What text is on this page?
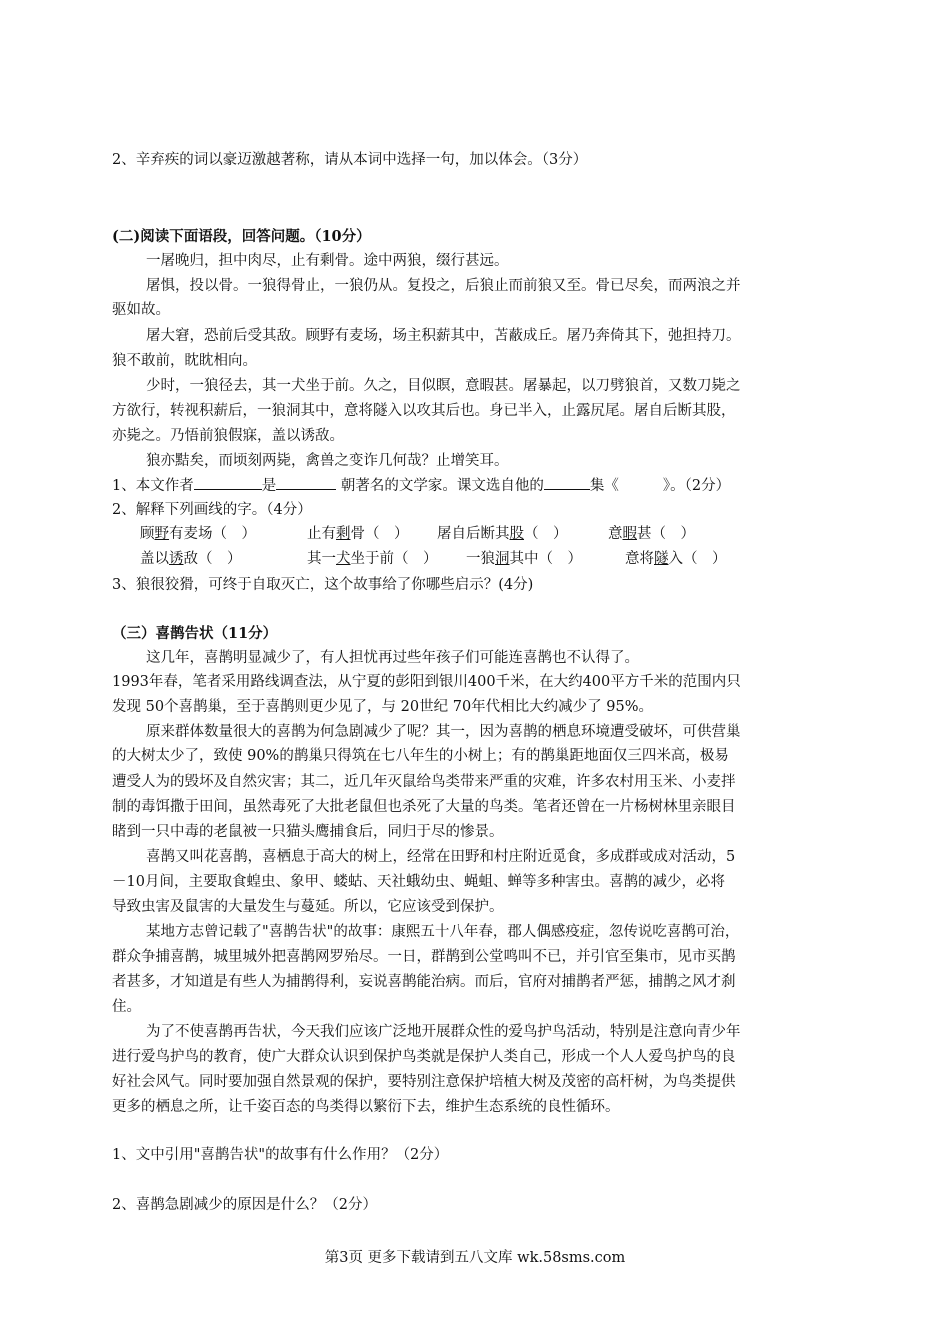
2、辛弃疾的词以豪迈激越著称，请从本词中选择一句，加以体会。（3分）
(二)阅读下面语段，回答问题。（10分）
一屠晚归，担中肉尽，止有剩骨。途中两狼，缀行甚远。
屠惧，投以骨。一狼得骨止，一狼仍从。复投之，后狼止而前狼又至。骨已尽矣，而两浪之并
驱如故。
屠大窘，恐前后受其敌。顾野有麦场，场主积薪其中，苫蔽成丘。屠乃奔倚其下，弛担持刀。
狼不敢前，眈眈相向。
少时，一狼径去，其一犬坐于前。久之，目似瞑，意暇甚。屠暴起，以刀劈狼首，又数刀毙之
方欲行，转视积薪后，一狼洞其中，意将隧入以攻其后也。身已半入，止露尻尾。屠自后断其股，
亦毙之。乃悟前狼假寐，盖以诱敌。
狼亦黠矣，而顷刻两毙，禽兽之变诈几何哉？止增笑耳。
1、本文作者	是	朝著名的文学家。课文选自他的	集《	》。（2分）
2、解释下列画线的字。（4分）
顾野有麦场（　）	止有剩骨（　） 屠自后断其股（　）	意暇甚（　）
盖以诱敌（　）	其一犬坐于前（　） 一狼洞其中（　）	意将隧入（　）
3、狼很狡猾，可终于自取灭亡，这个故事给了你哪些启示？(4分)
（三）喜鹊告状（11分）
这几年，喜鹊明显减少了，有人担忧再过些年孩子们可能连喜鹊也不认得了。
1993年春，笔者采用路线调查法，从宁夏的彭阳到银川400千米，在大约400平方千米的范围内只
发现 50个喜鹊巢，至于喜鹊则更少见了，与 20世纪 70年代相比大约减少了 95%。
原来群体数量很大的喜鹊为何急剧减少了呢？其一，因为喜鹊的栖息环境遭受破坏，可供营巢
的大树太少了，致使 90%的鹊巢只得筑在七八年生的小树上；有的鹊巢距地面仅三四米高，极易
遭受人为的毁坏及自然灾害；其二，近几年灭鼠给鸟类带来严重的灾难，许多农村用玉米、小麦拌
制的毒饵撒于田间，虽然毒死了大批老鼠但也杀死了大量的鸟类。笔者还曾在一片杨树林里亲眼目
睹到一只中毒的老鼠被一只猫头鹰捕食后，同归于尽的惨景。
喜鹊又叫花喜鹊，喜栖息于高大的树上，经常在田野和村庄附近觅食，多成群或成对活动，5
－10月间，主要取食蝗虫、象甲、蝼蛄、天社蛾幼虫、蝇蛆、蝉等多种害虫。喜鹊的减少，必将
导致虫害及鼠害的大量发生与蔓延。所以，它应该受到保护。
某地方志曾记载了"喜鹊告状"的故事：康熙五十八年春，郡人偶感疫症，忽传说吃喜鹊可治，
群众争捕喜鹊，城里城外把喜鹊网罗殆尽。一日，群鹊到公堂鸣叫不已，并引官至集市，见市买鹊
者甚多，才知道是有些人为捕鹊得利，妄说喜鹊能治病。而后，官府对捕鹊者严惩，捕鹊之风才刹
住。
为了不使喜鹊再告状，今天我们应该广泛地开展群众性的爱鸟护鸟活动，特别是注意向青少年
进行爱鸟护鸟的教育，使广大群众认识到保护鸟类就是保护人类自己，形成一个人人爱鸟护鸟的良
好社会风气。同时要加强自然景观的保护，要特别注意保护培植大树及茂密的高杆树，为鸟类提供
更多的栖息之所，让千姿百态的鸟类得以繁衍下去，维护生态系统的良性循环。
1、文中引用"喜鹊告状"的故事有什么作用？（2分）
2、喜鹊急剧减少的原因是什么？（2分）
第3页 更多下载请到五八文库 wk.58sms.com
